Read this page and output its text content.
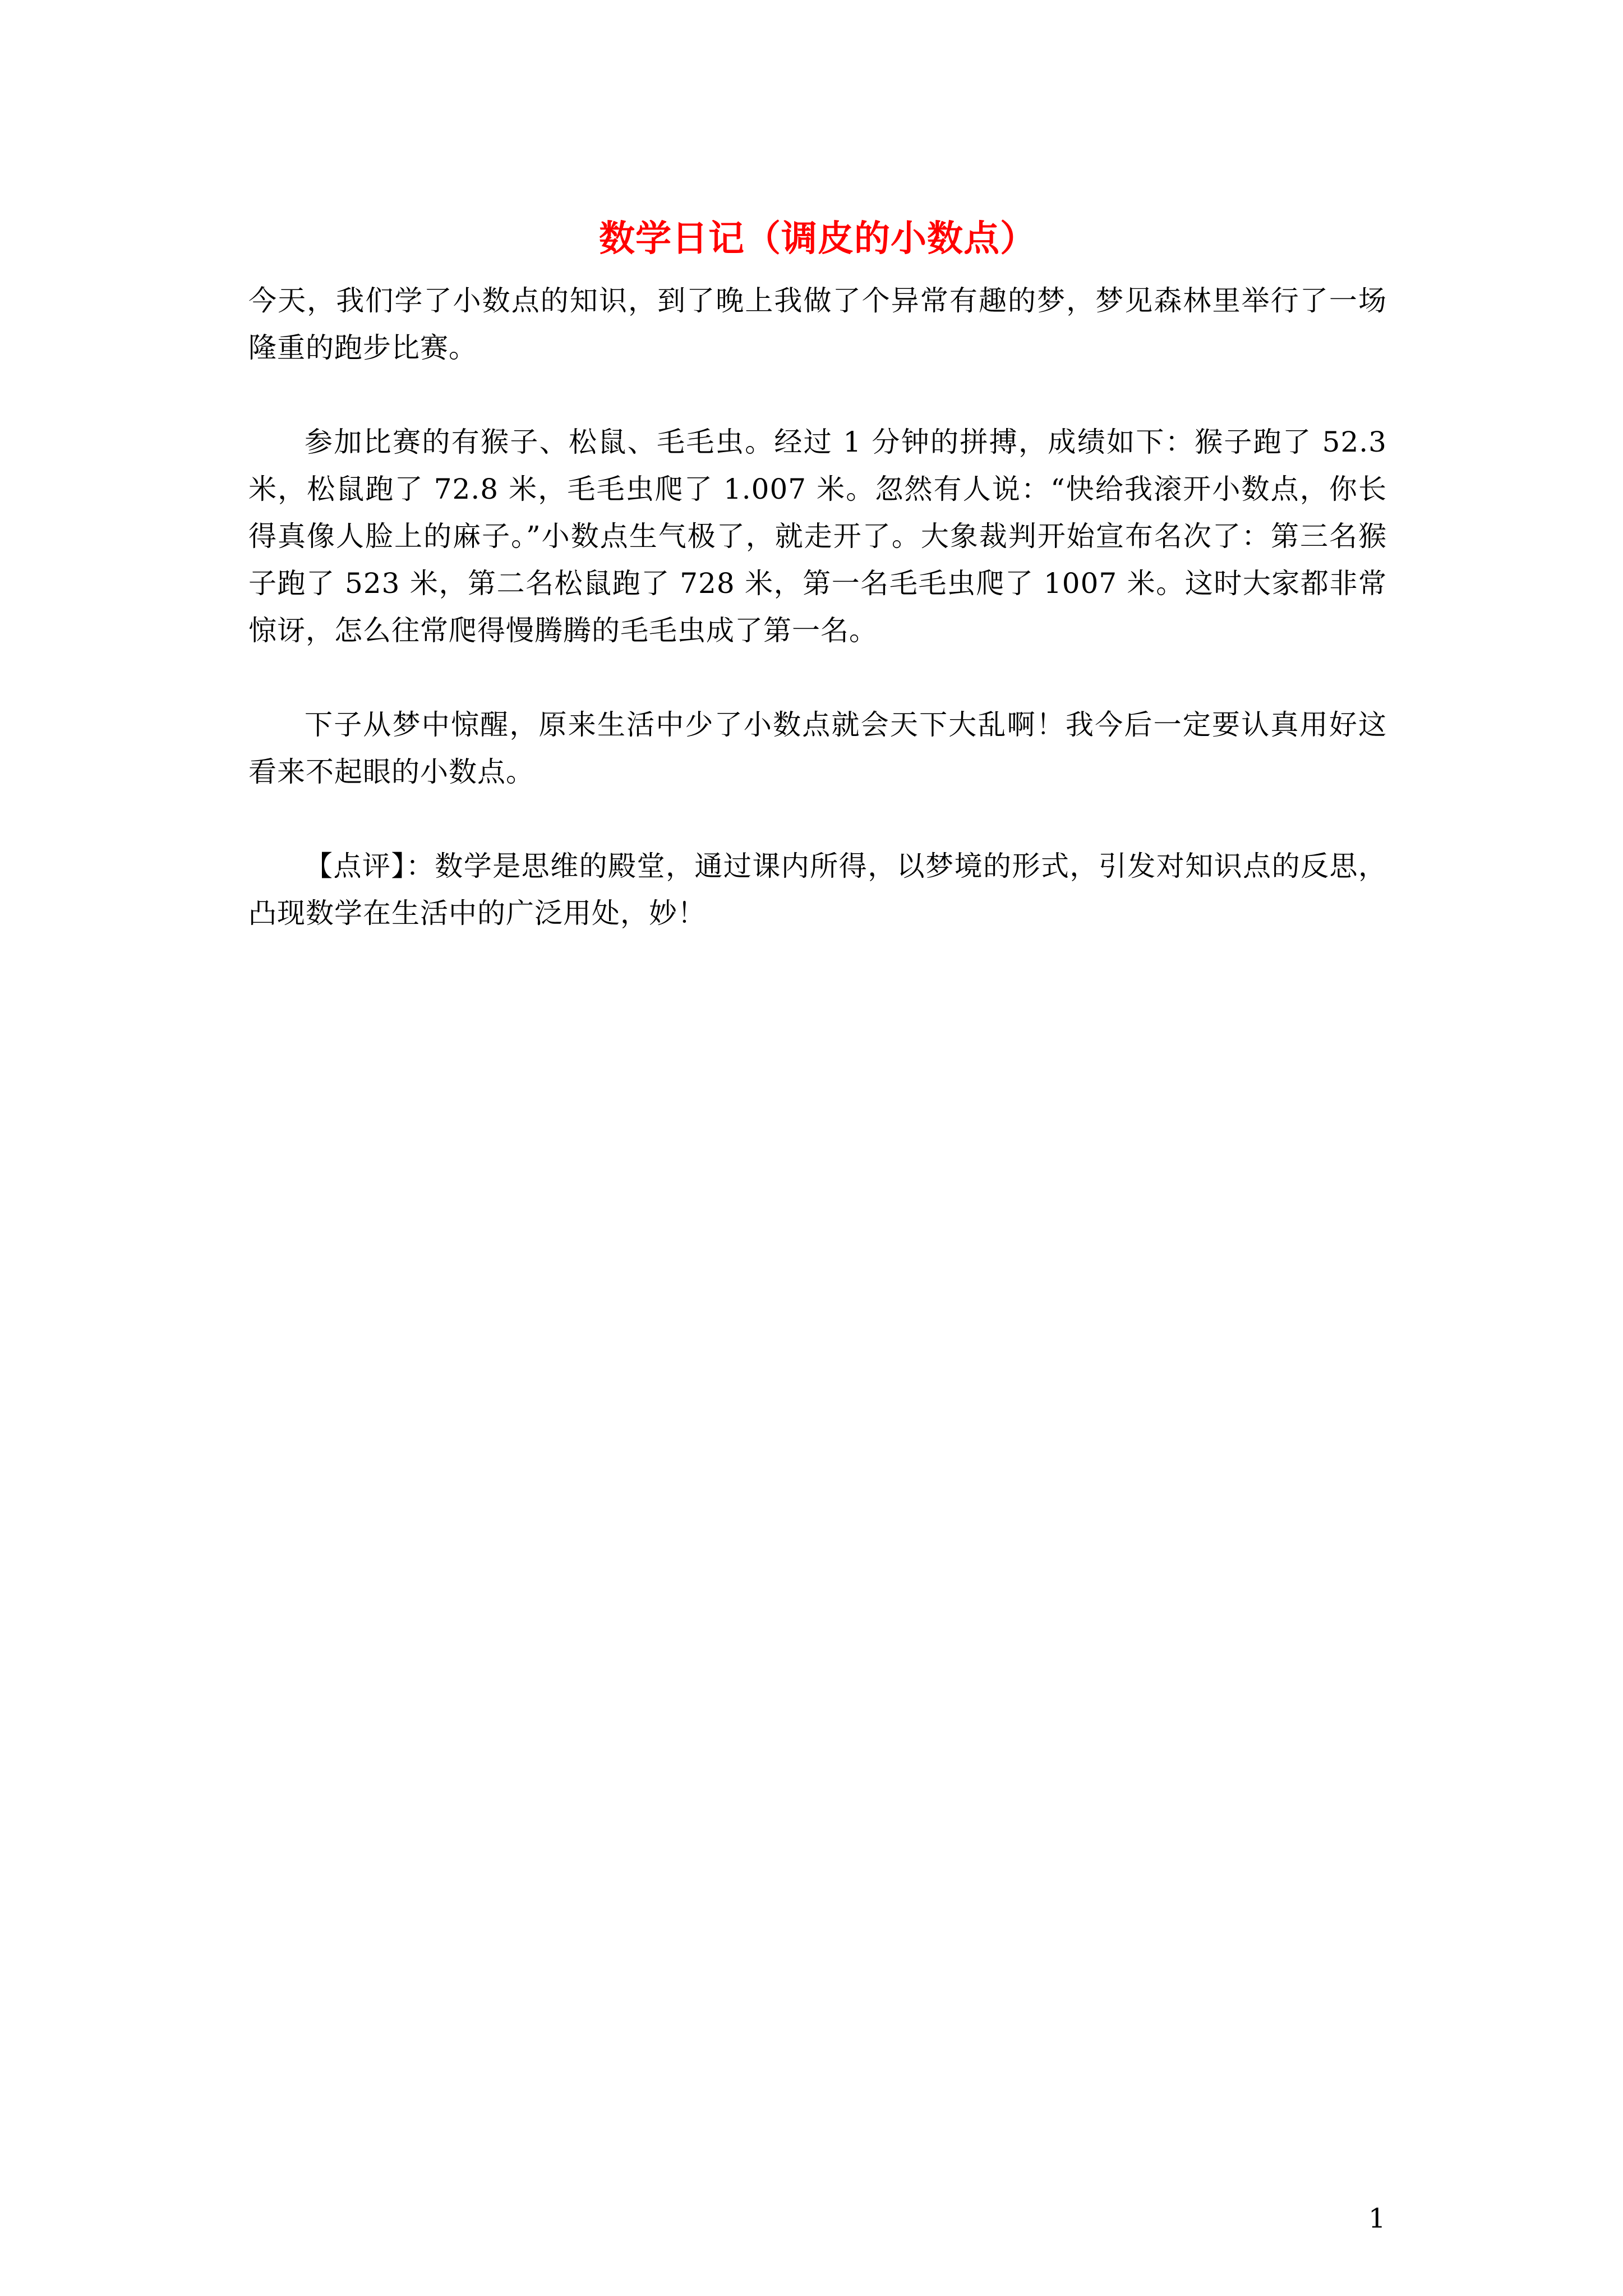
数学日记（调皮的小数点）

今天，我们学了小数点的知识，到了晚上我做了个异常有趣的梦，梦见森林里举行了一场隆重的跑步比赛。

参加比赛的有猴子、松鼠、毛毛虫。经过 1 分钟的拼搏，成绩如下：猴子跑了 52.3 米，松鼠跑了 72.8 米，毛毛虫爬了 1.007 米。忽然有人说：“快给我滚开小数点，你长得真像人脸上的麻子。”小数点生气极了，就走开了。大象裁判开始宣布名次了：第三名猴子跑了 523 米，第二名松鼠跑了 728 米，第一名毛毛虫爬了 1007 米。这时大家都非常惊讶，怎么往常爬得慢腾腾的毛毛虫成了第一名。

下子从梦中惊醒，原来生活中少了小数点就会天下大乱啊！我今后一定要认真用好这看来不起眼的小数点。

【点评】：数学是思维的殿堂，通过课内所得，以梦境的形式，引发对知识点的反思，凸现数学在生活中的广泛用处，妙！

1
